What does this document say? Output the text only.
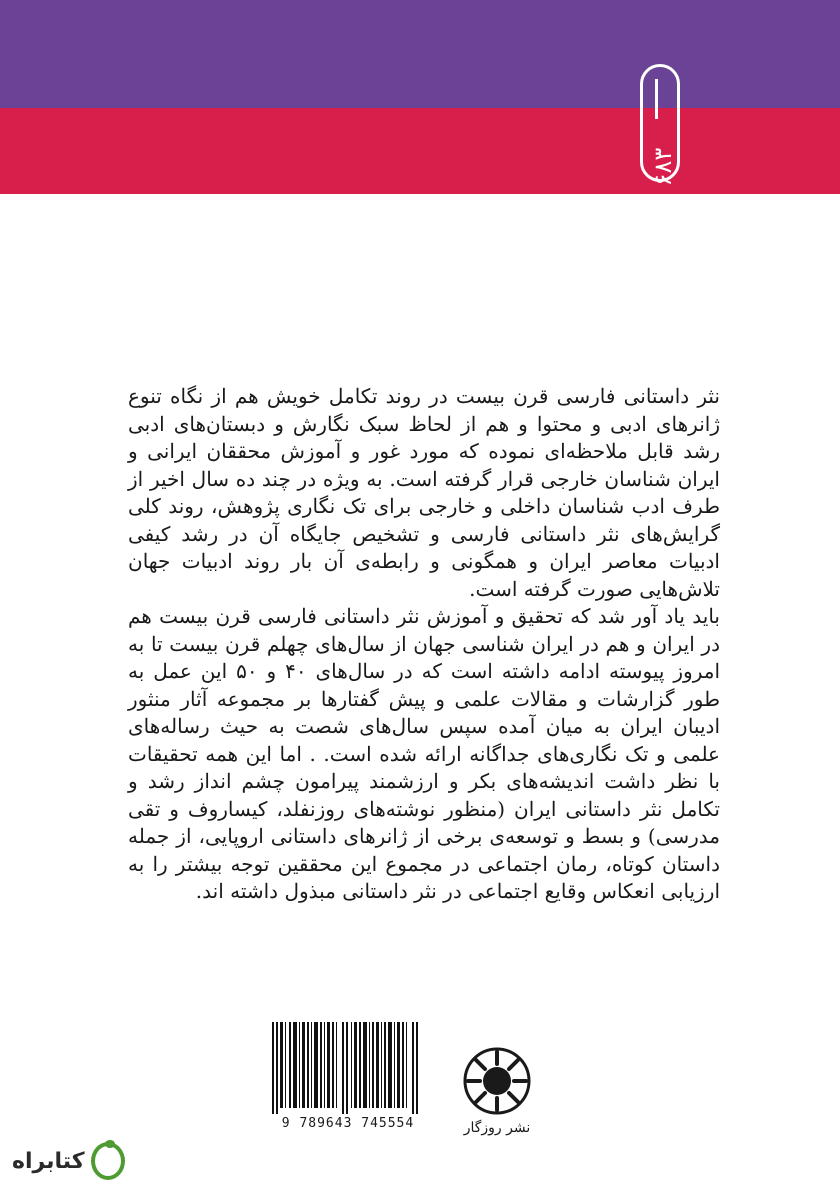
۶۸۳

نثر داستانی فارسی قرن بیست در روند تکامل خویش هم از نگاه تنوع ژانرهای ادبی و محتوا و هم از لحاظ سبک نگارش و دبستان‌های ادبی رشد قابل ملاحظه‌ای نموده که مورد غور و آموزش محققان ایرانی و ایران شناسان خارجی قرار گرفته است. به ویژه در چند ده سال اخیر از طرف ادب شناسان داخلی و خارجی برای تک نگاری پژوهش، روند کلی گرایش‌های نثر داستانی فارسی و تشخیص جایگاه آن در رشد کیفی ادبیات معاصر ایران و همگونی و رابطه‌ی آن بار روند ادبیات جهان تلاش‌هایی صورت گرفته است.

باید یاد آور شد که تحقیق و آموزش نثر داستانی فارسی قرن بیست هم در ایران و هم در ایران شناسی جهان از سال‌های چهلم قرن بیست تا به امروز پیوسته ادامه داشته است که در سال‌های ۴۰ و ۵۰ این عمل به طور گزارشات و مقالات علمی و پیش گفتارها بر مجموعه آثار منثور ادیبان ایران به میان آمده سپس سال‌های شصت به حیث رساله‌های علمی و تک نگاری‌های جداگانه ارائه شده است. . اما این همه تحقیقات با نظر داشت اندیشه‌های بکر و ارزشمند پیرامون چشم انداز رشد و تکامل نثر داستانی ایران (منظور نوشته‌های روزنفلد، کیساروف و تقی مدرسی) و بسط و توسعه‌ی برخی از ژانرهای داستانی اروپایی، از جمله داستان کوتاه، رمان اجتماعی در مجموع این محققین توجه بیشتر را به ارزیابی انعکاس وقایع اجتماعی در نثر داستانی مبذول داشته اند.

9 789643 745554	نشر روزگار
کتابراه
